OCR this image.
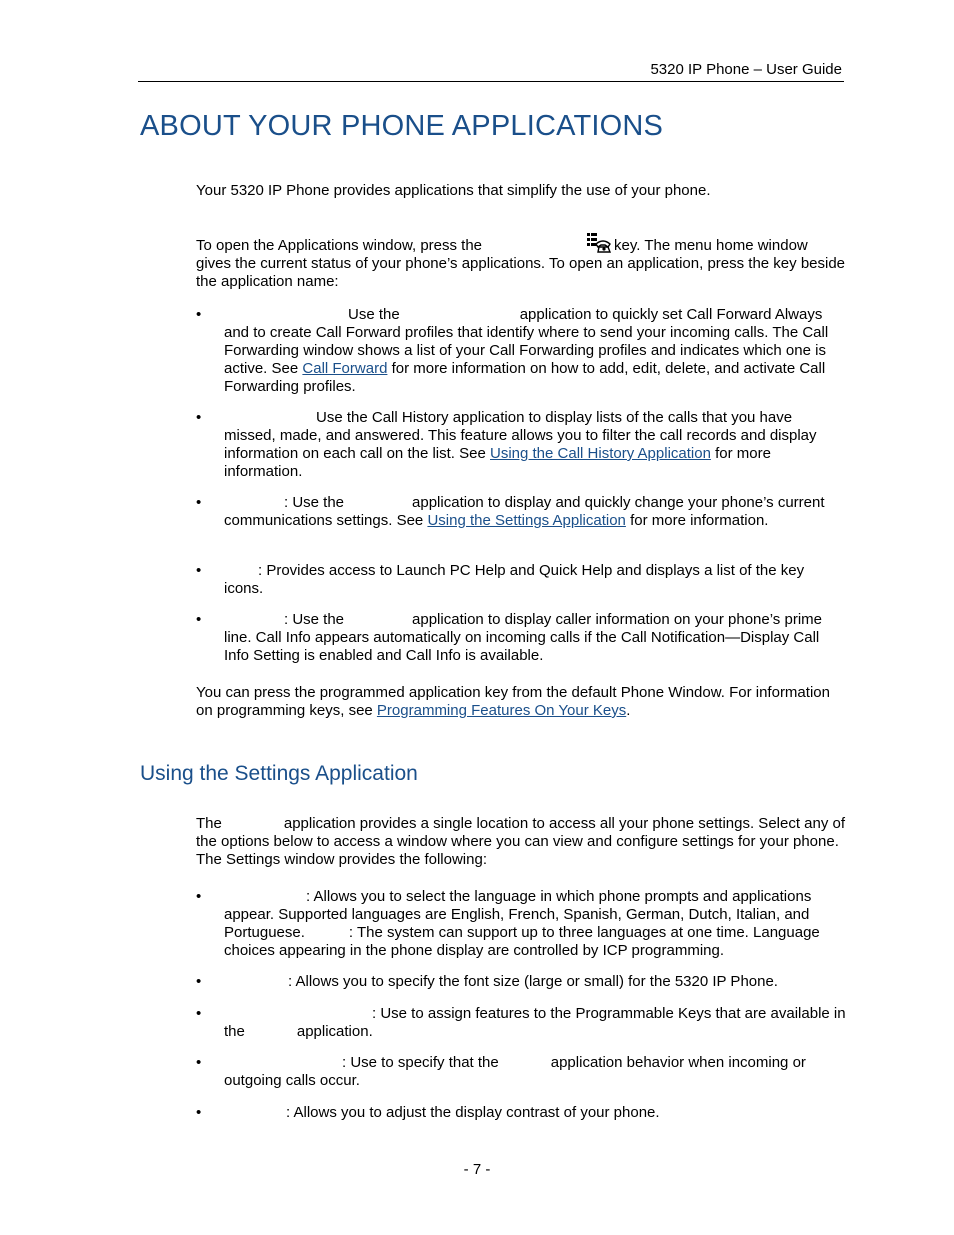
5320 IP Phone – User Guide
ABOUT YOUR PHONE APPLICATIONS

Your 5320 IP Phone provides applications that simplify the use of your phone.

To open the Applications window, press the	key. The menu home window gives the current status of your phone’s applications. To open an application, press the key beside the application name:

•	Use the	application to quickly set Call Forward Always and to create Call Forward profiles that identify where to send your incoming calls. The Call Forwarding window shows a list of your Call Forwarding profiles and indicates which one is active. See Call Forward for more information on how to add, edit, delete, and activate Call Forwarding profiles.
•	Use the Call History application to display lists of the calls that you have missed, made, and answered. This feature allows you to filter the call records and display information on each call on the list. See Using the Call History Application for more information.
•	: Use the	application to display and quickly change your phone’s current communications settings. See Using the Settings Application for more information.
•	: Provides access to Launch PC Help and Quick Help and displays a list of the key icons.
•	: Use the	application to display caller information on your phone’s prime line. Call Info appears automatically on incoming calls if the Call Notification—Display Call Info Setting is enabled and Call Info is available.

You can press the programmed application key from the default Phone Window. For information on programming keys, see Programming Features On Your Keys.

Using the Settings Application

The	application provides a single location to access all your phone settings. Select any of the options below to access a window where you can view and configure settings for your phone. The Settings window provides the following:

•	: Allows you to select the language in which phone prompts and applications appear. Supported languages are English, French, Spanish, German, Dutch, Italian, and Portuguese.	: The system can support up to three languages at one time. Language choices appearing in the phone display are controlled by ICP programming.
•	: Allows you to specify the font size (large or small) for the 5320 IP Phone.
•	: Use to assign features to the Programmable Keys that are available in the	application.
•	: Use to specify that the	application behavior when incoming or outgoing calls occur.
•	: Allows you to adjust the display contrast of your phone.
- 7 -
